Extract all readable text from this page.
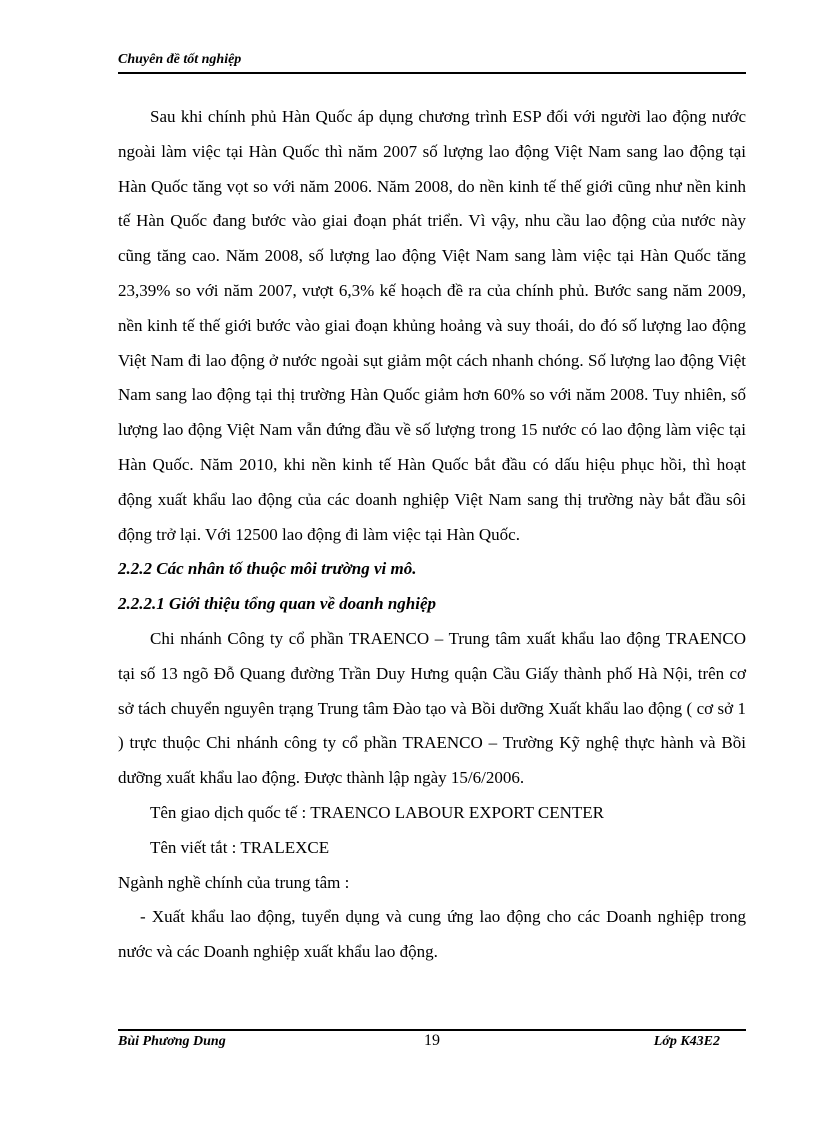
Chuyên đề tốt nghiệp

Sau khi chính phủ Hàn Quốc áp dụng chương trình ESP đối với người lao động nước ngoài làm việc tại Hàn Quốc thì năm 2007 số lượng lao động Việt Nam sang lao động tại Hàn Quốc tăng vọt so với năm 2006. Năm 2008, do nền kinh tế thế giới cũng như nền kinh tế Hàn Quốc đang bước vào giai đoạn phát triển. Vì vậy, nhu cầu lao động của nước này cũng tăng cao. Năm 2008, số lượng lao động Việt Nam sang làm việc tại Hàn Quốc tăng 23,39% so với năm 2007, vượt 6,3% kế hoạch đề ra của chính phủ. Bước sang năm 2009, nền kinh tế thế giới bước vào giai đoạn khủng hoảng và suy thoái, do đó số lượng lao động Việt Nam đi lao động ở nước ngoài sụt giảm một cách nhanh chóng. Số lượng lao động Việt Nam sang lao động tại thị trường Hàn Quốc giảm hơn 60% so với năm 2008. Tuy nhiên, số lượng lao động Việt Nam vẫn đứng đầu về số lượng trong 15 nước có lao động làm việc tại Hàn Quốc. Năm 2010, khi nền kinh tế Hàn Quốc bắt đầu có dấu hiệu phục hồi, thì hoạt động xuất khẩu lao động của các doanh nghiệp Việt Nam sang thị trường này bắt đầu sôi động trở lại. Với 12500 lao động đi làm việc tại Hàn Quốc.

2.2.2 Các nhân tố thuộc môi trường vi mô.

2.2.2.1 Giới thiệu tổng quan về doanh nghiệp

Chi nhánh Công ty cổ phần TRAENCO – Trung tâm xuất khẩu lao động TRAENCO tại số 13 ngõ Đỗ Quang đường Trần Duy Hưng quận Cầu Giấy thành phố Hà Nội, trên cơ sở tách chuyển nguyên trạng Trung tâm Đào tạo và Bồi dưỡng Xuất khẩu lao động ( cơ sở 1 ) trực thuộc Chi nhánh công ty cổ phần TRAENCO – Trường Kỹ nghệ thực hành và Bồi dưỡng xuất khẩu lao động. Được thành lập ngày 15/6/2006.

Tên giao dịch quốc tế : TRAENCO LABOUR EXPORT CENTER

Tên viết tắt : TRALEXCE

Ngành nghề chính của trung tâm :

- Xuất khẩu lao động, tuyển dụng và cung ứng lao động cho các Doanh nghiệp trong nước và các Doanh nghiệp xuất khẩu lao động.

Bùi Phương Dung	19	Lớp K43E2
